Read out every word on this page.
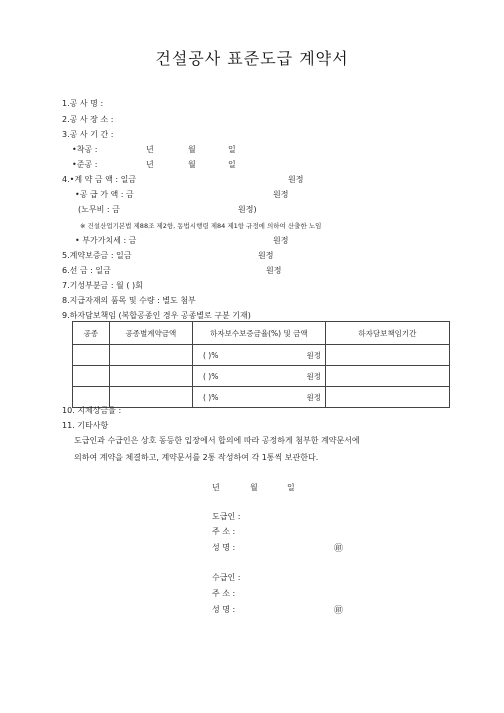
건설공사 표준도급 계약서
1.공 사 명 :
2.공 사 장 소 :
3.공 사 기 간 :
•착공 :	년	월	일
•준공 :	년	월	일
4.•계 약 금 액 : 일금	원정
•공 급 가 액 : 금	원정
(노무비 : 금	원정)
※ 건설산업기본법 제88조 제2항, 동법시행령 제84 제1항 규정에 의하여 산출한 노임
• 부가가치세 : 금	원정
5.계약보증금 : 일금	원정
6.선 금 : 일금	원정
7.기성부분금 : 월 ( )회
8.지급자재의 품목 및 수량 : 별도 첨부
9.하자담보책임 (복합공종인 경우 공종별로 구분 기재)
공종	공종별계약금액	하자보수보증금율(%) 및 금액	하자담보책임기간
		( )% 원정	
		( )% 원정	
		( )% 원정	
10. 지체상금율 :
11. 기타사항
도급인과 수급인은 상호 동등한 입장에서 합의에 따라 공정하게 첨부한 계약문서에
의하여 계약을 체결하고, 계약문서를 2통 작성하여 각 1통씩 보관한다.
년	월	일
도급인 :
주 소 :
성 명 :	㊞
수급인 :
주 소 :
성 명 :	㊞
